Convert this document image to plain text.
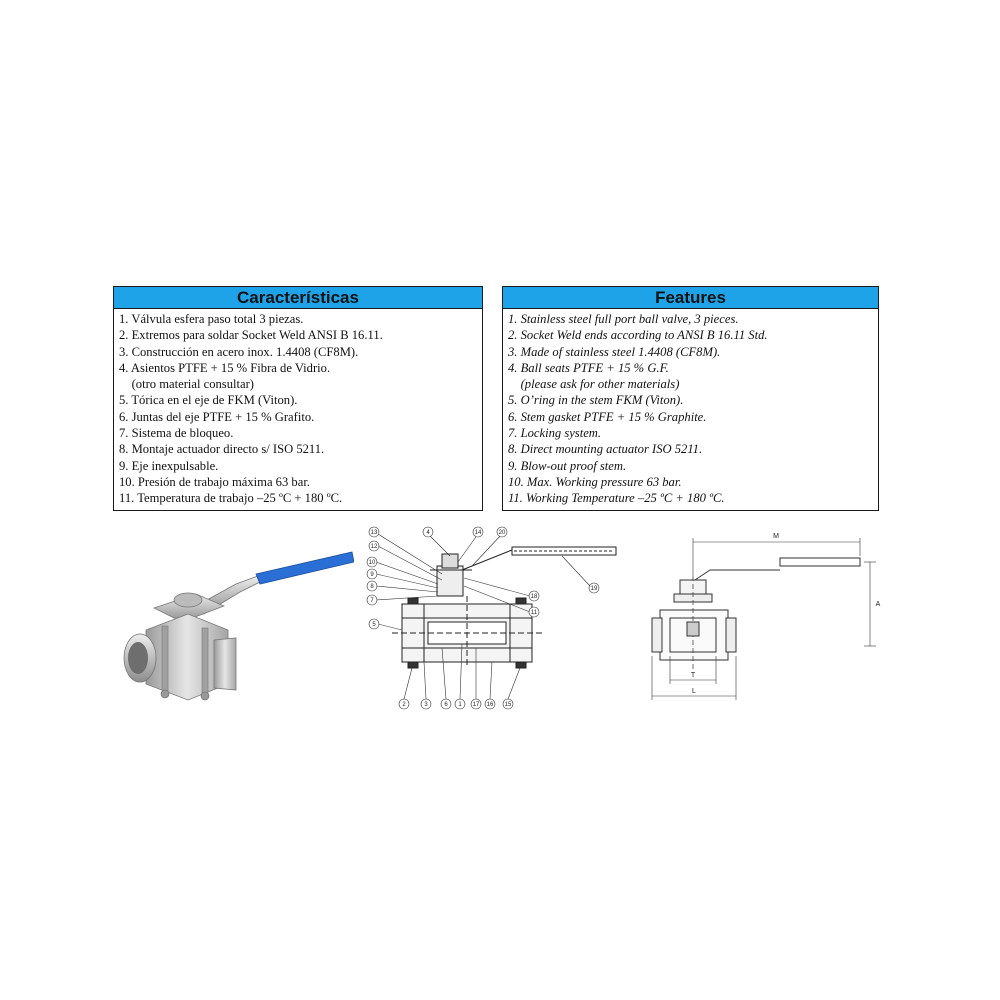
Características
1. Válvula esfera paso total 3 piezas.
2. Extremos para soldar Socket Weld ANSI B 16.11.
3. Construcción en acero inox. 1.4408 (CF8M).
4. Asientos PTFE + 15 % Fibra de Vidrio.
(otro material consultar)
5. Tórica en el eje de FKM (Viton).
6. Juntas del eje PTFE + 15 % Grafito.
7. Sistema de bloqueo.
8. Montaje actuador directo s/ ISO 5211.
9. Eje inexpulsable.
10. Presión de trabajo máxima 63 bar.
11. Temperatura de trabajo –25 ºC + 180 ºC.
Features
1. Stainless steel full port ball valve, 3 pieces.
2. Socket Weld ends according to ANSI B 16.11 Std.
3. Made of stainless steel 1.4408 (CF8M).
4. Ball seats PTFE + 15 % G.F.
(please ask for other materials)
5. O’ring in the stem FKM (Viton).
6. Stem gasket PTFE + 15 % Graphite.
7. Locking system.
8. Direct mounting actuator ISO 5211.
9. Blow-out proof stem.
10. Max. Working pressure 63 bar.
11. Working Temperature –25 ºC + 180 ºC.
13
12
10
9
8
7
5
4	14	20
18
11
19
2	3	6 1 17 16 15
M
A
T
L
